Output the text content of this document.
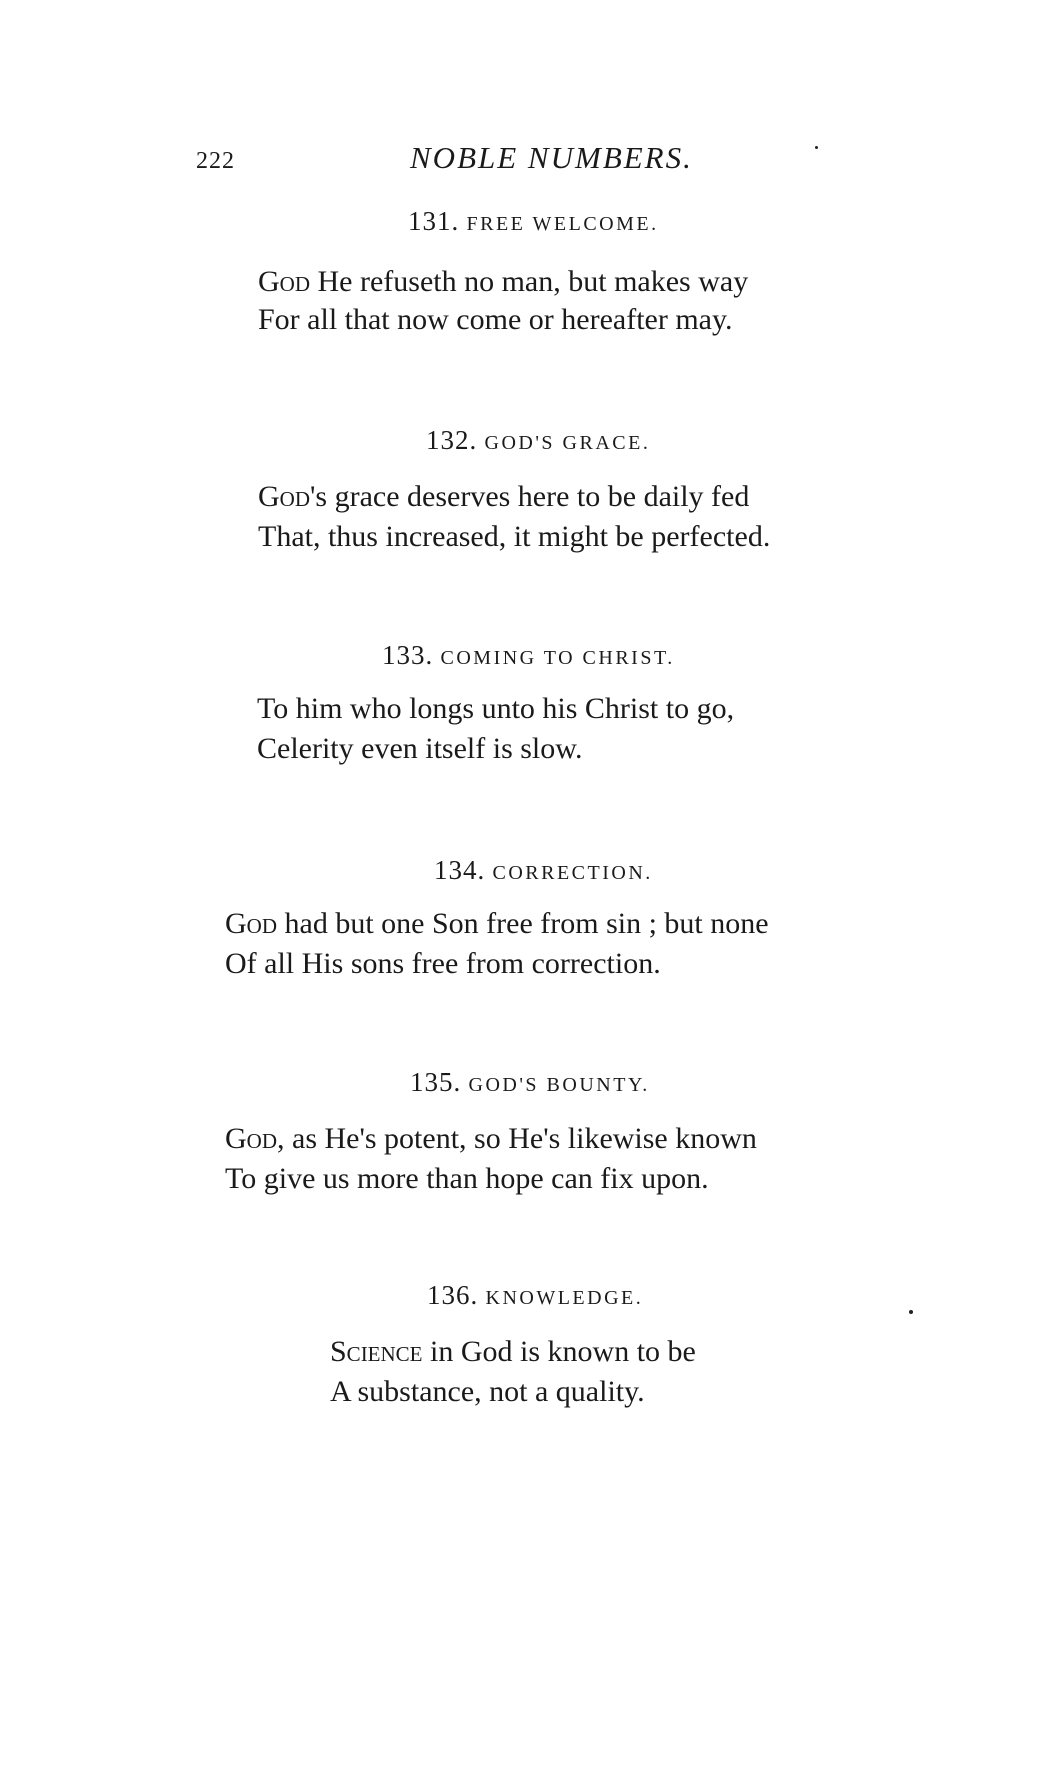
222	NOBLE NUMBERS.
131. FREE WELCOME.
God He refuseth no man, but makes way
For all that now come or hereafter may.
132. GOD'S GRACE.
God's grace deserves here to be daily fed
That, thus increased, it might be perfected.
133. COMING TO CHRIST.
To him who longs unto his Christ to go,
Celerity even itself is slow.
134. CORRECTION.
God had but one Son free from sin ; but none
Of all His sons free from correction.
135. GOD'S BOUNTY.
God, as He's potent, so He's likewise known
To give us more than hope can fix upon.
136. KNOWLEDGE.
Science in God is known to be
A substance, not a quality.
